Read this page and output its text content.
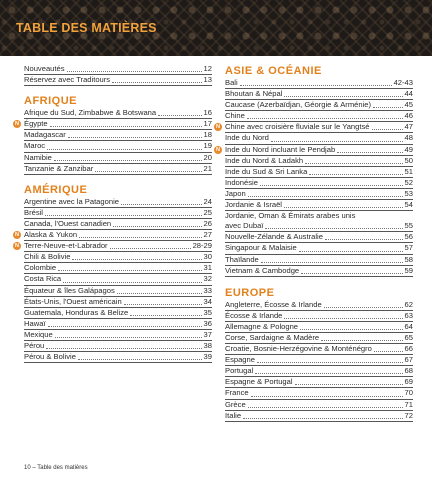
TABLE DES MATIÈRES
Nouveautés	12
Réservez avec Traditours	13
AFRIQUE
Afrique du Sud, Zimbabwe & Botswana	16
N Égypte	17
Madagascar	18
Maroc	19
Namibie	20
Tanzanie & Zanzibar	21
AMÉRIQUE
Argentine avec la Patagonie	24
Brésil	25
Canada, l'Ouest canadien	26
N Alaska & Yukon	27
N Terre-Neuve-et-Labrador	28-29
Chili & Bolivie	30
Colombie	31
Costa Rica	32
Équateur & îles Galápagos	33
États-Unis, l'Ouest américain	34
Guatemala, Honduras & Belize	35
Hawaï	36
Mexique	37
Pérou	38
Pérou & Bolivie	39
ASIE & OCÉANIE
Bali	42-43
Bhoutan & Népal	44
Caucase (Azerbaïdjan, Géorgie & Arménie)	45
Chine	46
N Chine avec croisière fluviale sur le Yangtsé	47
Inde du Nord	48
N Inde du Nord incluant le Pendjab	49
Inde du Nord & Ladakh	50
Inde du Sud & Sri Lanka	51
Indonésie	52
Japon	53
Jordanie & Israël	54
Jordanie, Oman & Émirats arabes unis
avec Dubaï	55
Nouvelle-Zélande & Australie	56
Singapour & Malaisie	57
Thaïlande	58
Vietnam & Cambodge	59
EUROPE
Angleterre, Écosse & Irlande	62
Écosse & Irlande	63
Allemagne & Pologne	64
Corse, Sardaigne & Madère	65
Croatie, Bosnie-Herzégovine & Monténégro	66
Espagne	67
Portugal	68
Espagne & Portugal	69
France	70
Grèce	71
Italie	72
10 – Table des matières
